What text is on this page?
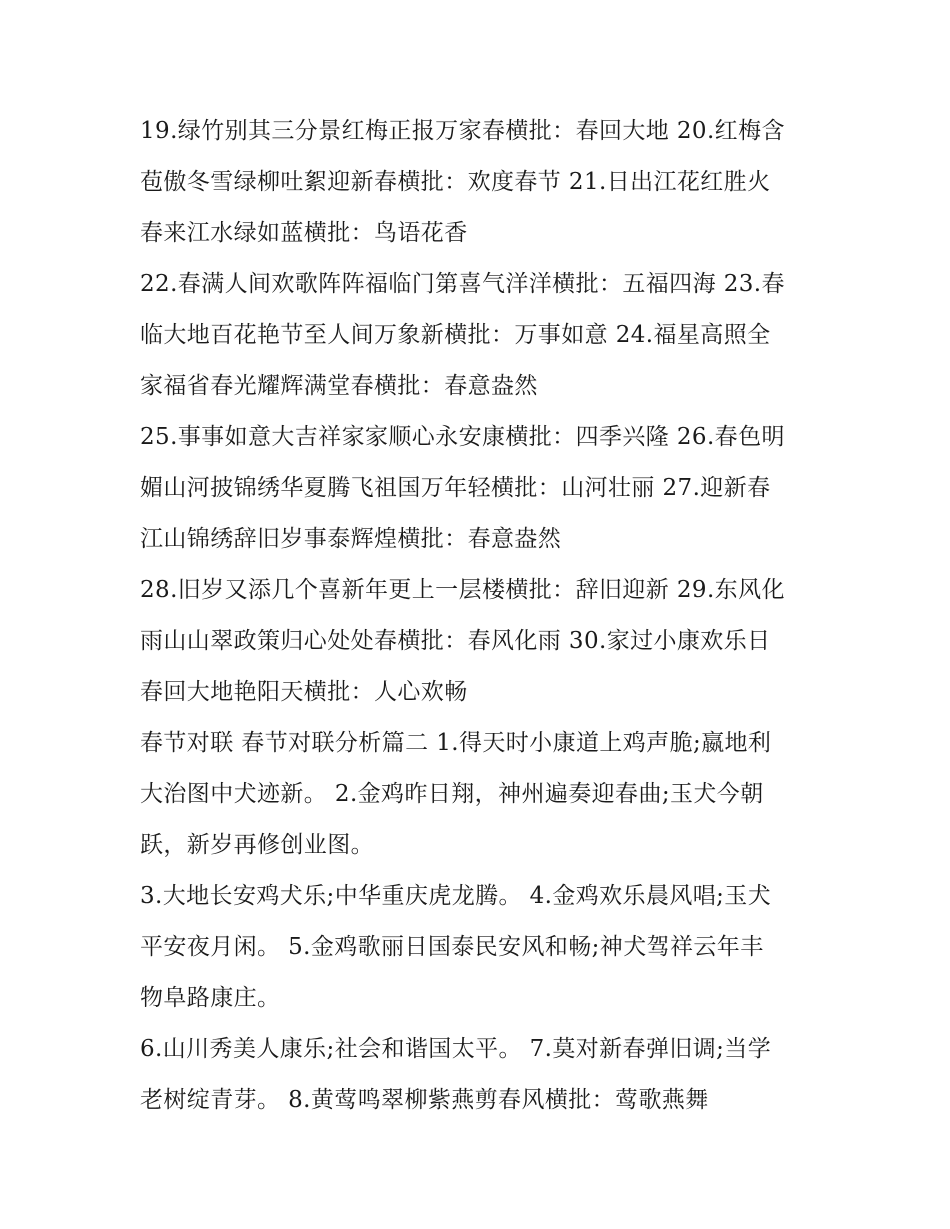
19.绿竹别其三分景红梅正报万家春横批：春回大地 20.红梅含
苞傲冬雪绿柳吐絮迎新春横批：欢度春节 21.日出江花红胜火
春来江水绿如蓝横批：鸟语花香
22.春满人间欢歌阵阵福临门第喜气洋洋横批：五福四海 23.春
临大地百花艳节至人间万象新横批：万事如意 24.福星高照全
家福省春光耀辉满堂春横批：春意盎然
25.事事如意大吉祥家家顺心永安康横批：四季兴隆 26.春色明
媚山河披锦绣华夏腾飞祖国万年轻横批：山河壮丽 27.迎新春
江山锦绣辞旧岁事泰辉煌横批：春意盎然
28.旧岁又添几个喜新年更上一层楼横批：辞旧迎新 29.东风化
雨山山翠政策归心处处春横批：春风化雨 30.家过小康欢乐日
春回大地艳阳天横批：人心欢畅
春节对联 春节对联分析篇二 1.得天时小康道上鸡声脆;嬴地利
大治图中犬迹新。 2.金鸡昨日翔，神州遍奏迎春曲;玉犬今朝
跃，新岁再修创业图。
3.大地长安鸡犬乐;中华重庆虎龙腾。 4.金鸡欢乐晨风唱;玉犬
平安夜月闲。 5.金鸡歌丽日国泰民安风和畅;神犬驾祥云年丰
物阜路康庄。
6.山川秀美人康乐;社会和谐国太平。 7.莫对新春弹旧调;当学
老树绽青芽。 8.黄莺鸣翠柳紫燕剪春风横批：莺歌燕舞
